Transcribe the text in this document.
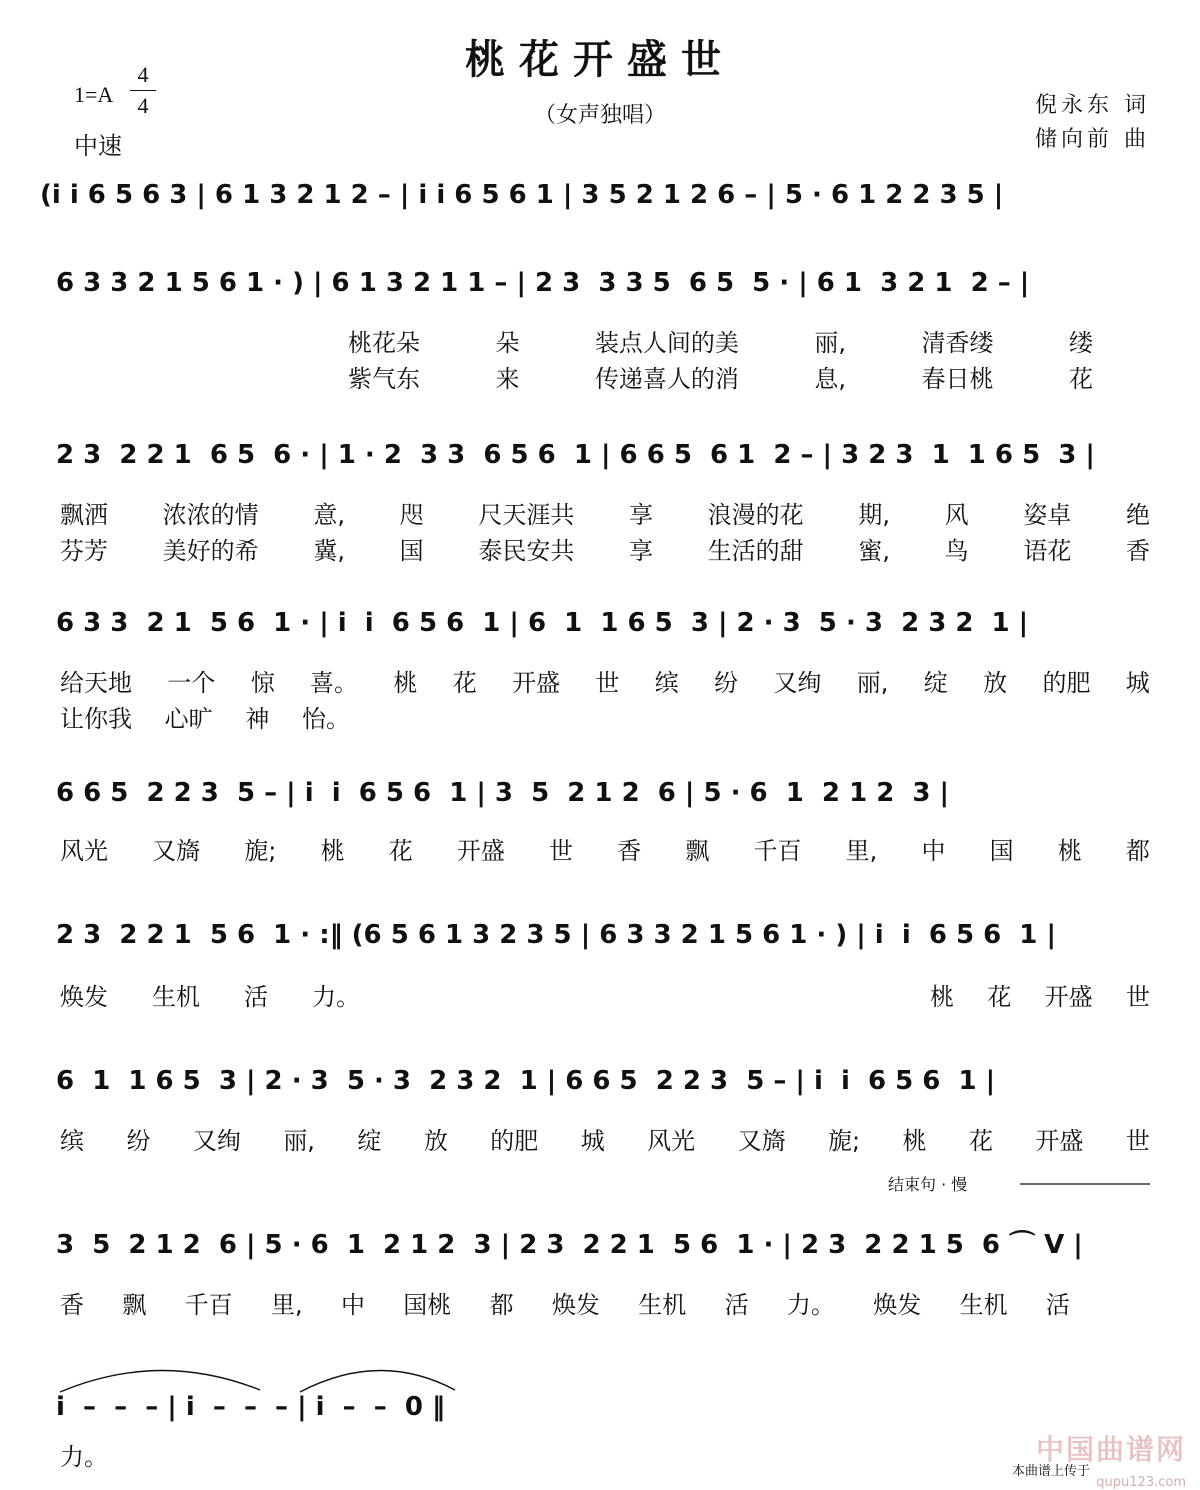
桃花开盛世
（女声独唱）
1=A
4
4
中速
倪永东 词
储向前 曲
(i i 6 5 6 3 | 6 1 3 2 1 2 – | i i 6 5 6 1 | 3 5 2 1 2 6 – | 5 · 6 1 2 2 3 5 |
6 3 3 2 1 5 6 1 · ) | 6 1 3 2 1 1 – | 2 3  3 3 5  6 5  5 · | 6 1  3 2 1  2 – |
桃花朵	朵	装点人间的美	丽,	清香缕	缕
紫气东	来	传递喜人的消	息,	春日桃	花
2 3  2 2 1  6 5  6 · | 1 · 2  3 3  6 5 6  1 | 6 6 5  6 1  2 – | 3 2 3  1  1 6 5  3 |
飘洒 浓浓的情 意, 咫 尺天涯共 享 浪漫的花 期, 风 姿卓 绝
芬芳 美好的希 冀, 国 泰民安共 享 生活的甜 蜜, 鸟 语花 香
6 3 3  2 1  5 6  1 · | i  i  6 5 6  1 | 6  1  1 6 5  3 | 2 · 3  5 · 3  2 3 2  1 |
给天地 一个 惊 喜。 桃 花 开盛 世 缤 纷 又绚 丽, 绽 放 的肥 城
让你我 心旷 神 怡。
6 6 5  2 2 3  5 – | i  i  6 5 6  1 | 3  5  2 1 2  6 | 5 · 6  1  2 1 2  3 |
风光 又旖 旎; 桃 花 开盛 世 香 飘 千百 里, 中 国 桃 都
2 3  2 2 1  5 6  1 · :‖ (6 5 6 1 3 2 3 5 | 6 3 3 2 1 5 6 1 · ) | i  i  6 5 6  1 |
焕发 生机 活 力。	桃 花 开盛 世
6  1  1 6 5  3 | 2 · 3  5 · 3  2 3 2  1 | 6 6 5  2 2 3  5 – | i  i  6 5 6  1 |
缤 纷 又绚 丽, 绽 放 的肥 城 风光 又旖 旎; 桃 花 开盛 世
结束句 · 慢
3  5  2 1 2  6 | 5 · 6  1  2 1 2  3 | 2 3  2 2 1  5 6  1 · | 2 3  2 2 1 5  6 ⌒ V |
香 飘 千百 里, 中 国桃 都 焕发 生机 活 力。 焕发 生机 活
i  –  –  – | i  –  –  – | i  –  –  0 ‖
力。	中国曲谱网
本曲谱上传于
qupu123.com
